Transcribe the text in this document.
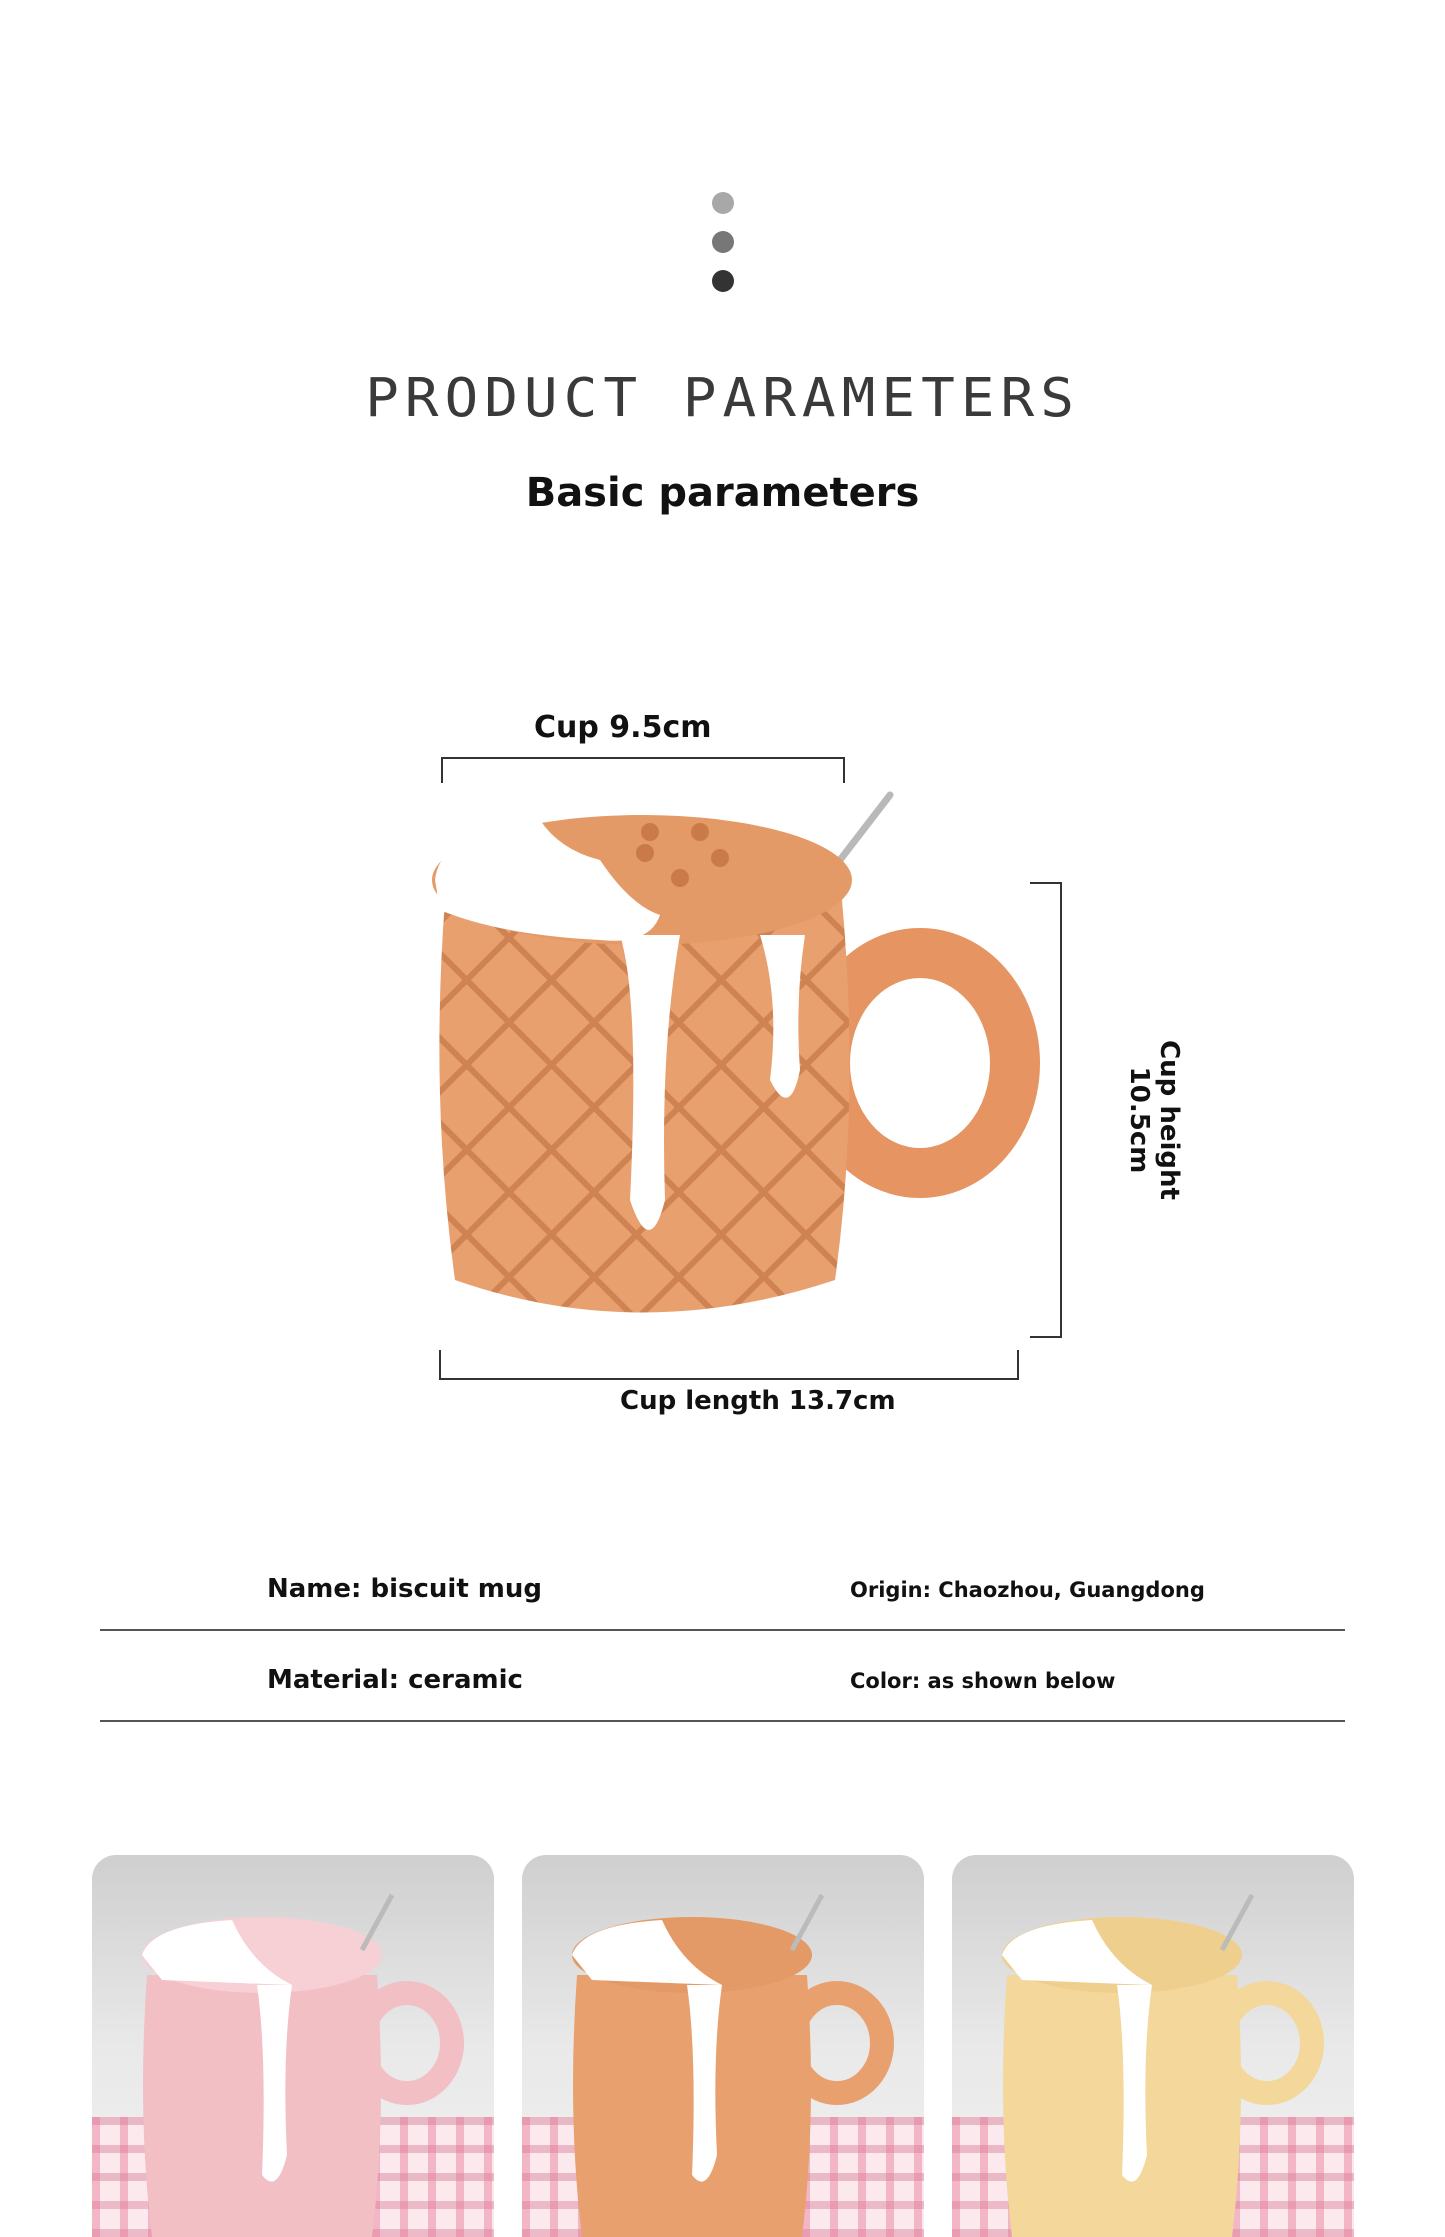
PRODUCT PARAMETERS
Basic parameters
Cup 9.5cm
Cup height 10.5cm
Cup length 13.7cm
Name: biscuit mug	Origin: Chaozhou, Guangdong
Material: ceramic	Color: as shown below
